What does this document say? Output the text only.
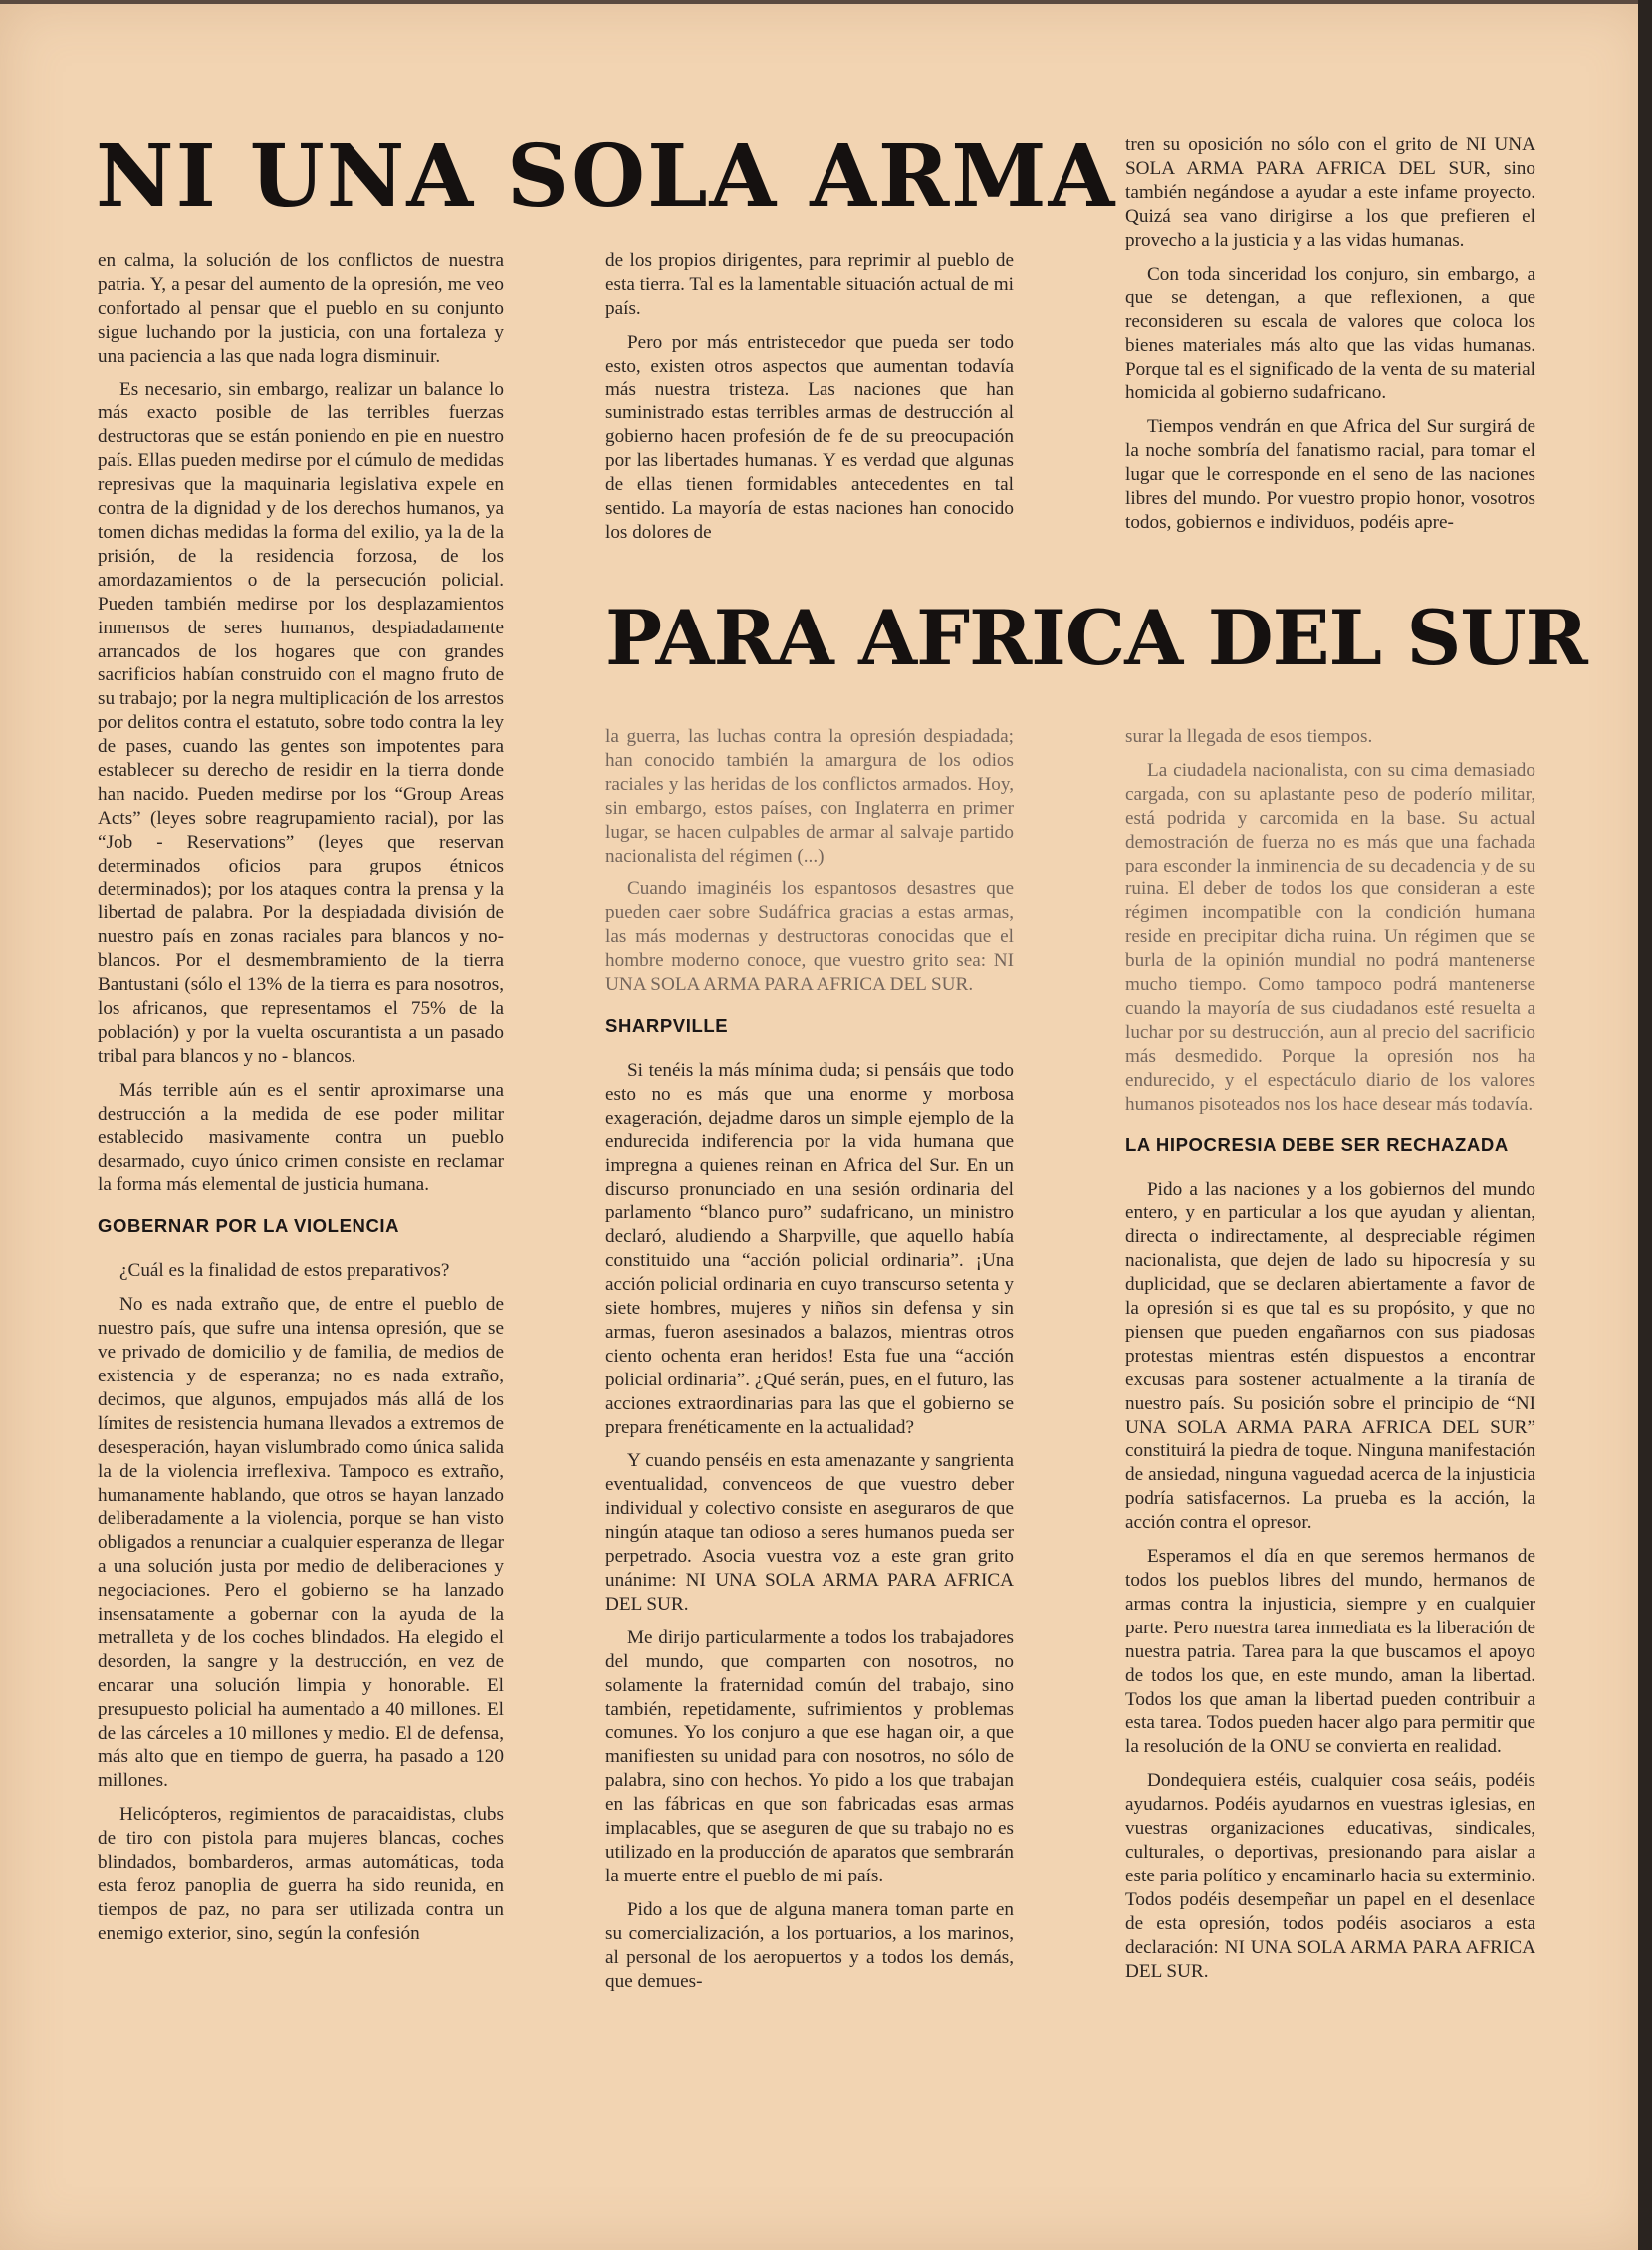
NI UNA SOLA ARMA
PARA AFRICA DEL SUR

en calma, la solución de los conflictos de nuestra patria. Y, a pesar del aumento de la opresión, me veo confortado al pensar que el pueblo en su conjunto sigue luchando por la justicia, con una fortaleza y una paciencia a las que nada logra disminuir.

Es necesario, sin embargo, realizar un balance lo más exacto posible de las terribles fuerzas destructoras que se están poniendo en pie en nuestro país. Ellas pueden medirse por el cúmulo de medidas represivas que la maquinaria legislativa expele en contra de la dignidad y de los derechos humanos, ya tomen dichas medidas la forma del exilio, ya la de la prisión, de la residencia forzosa, de los amordazamientos o de la persecución policial. Pueden también medirse por los desplazamientos inmensos de seres humanos, despiadadamente arrancados de los hogares que con grandes sacrificios habían construido con el magno fruto de su trabajo; por la negra multiplicación de los arrestos por delitos contra el estatuto, sobre todo contra la ley de pases, cuando las gentes son impotentes para establecer su derecho de residir en la tierra donde han nacido. Pueden medirse por los “Group Areas Acts” (leyes sobre reagrupamiento racial), por las “Job - Reservations” (leyes que reservan determinados oficios para grupos étnicos determinados); por los ataques contra la prensa y la libertad de palabra. Por la despiadada división de nuestro país en zonas raciales para blancos y no-blancos. Por el desmembramiento de la tierra Bantustani (sólo el 13% de la tierra es para nosotros, los africanos, que representamos el 75% de la población) y por la vuelta oscurantista a un pasado tribal para blancos y no - blancos.

Más terrible aún es el sentir aproximarse una destrucción a la medida de ese poder militar establecido masivamente contra un pueblo desarmado, cuyo único crimen consiste en reclamar la forma más elemental de justicia humana.

GOBERNAR POR LA VIOLENCIA

¿Cuál es la finalidad de estos preparativos?

No es nada extraño que, de entre el pueblo de nuestro país, que sufre una intensa opresión, que se ve privado de domicilio y de familia, de medios de existencia y de esperanza; no es nada extraño, decimos, que algunos, empujados más allá de los límites de resistencia humana llevados a extremos de desesperación, hayan vislumbrado como única salida la de la violencia irreflexiva. Tampoco es extraño, humanamente hablando, que otros se hayan lanzado deliberadamente a la violencia, porque se han visto obligados a renunciar a cualquier esperanza de llegar a una solución justa por medio de deliberaciones y negociaciones. Pero el gobierno se ha lanzado insensatamente a gobernar con la ayuda de la metralleta y de los coches blindados. Ha elegido el desorden, la sangre y la destrucción, en vez de encarar una solución limpia y honorable. El presupuesto policial ha aumentado a 40 millones. El de las cárceles a 10 millones y medio. El de defensa, más alto que en tiempo de guerra, ha pasado a 120 millones.

Helicópteros, regimientos de paracaidistas, clubs de tiro con pistola para mujeres blancas, coches blindados, bombarderos, armas automáticas, toda esta feroz panoplia de guerra ha sido reunida, en tiempos de paz, no para ser utilizada contra un enemigo exterior, sino, según la confesión

de los propios dirigentes, para reprimir al pueblo de esta tierra. Tal es la lamentable situación actual de mi país.

Pero por más entristecedor que pueda ser todo esto, existen otros aspectos que aumentan todavía más nuestra tristeza. Las naciones que han suministrado estas terribles armas de destrucción al gobierno hacen profesión de fe de su preocupación por las libertades humanas. Y es verdad que algunas de ellas tienen formidables antecedentes en tal sentido. La mayoría de estas naciones han conocido los dolores de

tren su oposición no sólo con el grito de NI UNA SOLA ARMA PARA AFRICA DEL SUR, sino también negándose a ayudar a este infame proyecto. Quizá sea vano dirigirse a los que prefieren el provecho a la justicia y a las vidas humanas.

Con toda sinceridad los conjuro, sin embargo, a que se detengan, a que reflexionen, a que reconsideren su escala de valores que coloca los bienes materiales más alto que las vidas humanas. Porque tal es el significado de la venta de su material homicida al gobierno sudafricano.

Tiempos vendrán en que Africa del Sur surgirá de la noche sombría del fanatismo racial, para tomar el lugar que le corresponde en el seno de las naciones libres del mundo. Por vuestro propio honor, vosotros todos, gobiernos e individuos, podéis apre-

la guerra, las luchas contra la opresión despiadada; han conocido también la amargura de los odios raciales y las heridas de los conflictos armados. Hoy, sin embargo, estos países, con Inglaterra en primer lugar, se hacen culpables de armar al salvaje partido nacionalista del régimen (...)

Cuando imaginéis los espantosos desastres que pueden caer sobre Sudáfrica gracias a estas armas, las más modernas y destructoras conocidas que el hombre moderno conoce, que vuestro grito sea: NI UNA SOLA ARMA PARA AFRICA DEL SUR.

SHARPVILLE

Si tenéis la más mínima duda; si pensáis que todo esto no es más que una enorme y morbosa exageración, dejadme daros un simple ejemplo de la endurecida indiferencia por la vida humana que impregna a quienes reinan en Africa del Sur. En un discurso pronunciado en una sesión ordinaria del parlamento “blanco puro” sudafricano, un ministro declaró, aludiendo a Sharpville, que aquello había constituido una “acción policial ordinaria”. ¡Una acción policial ordinaria en cuyo transcurso setenta y siete hombres, mujeres y niños sin defensa y sin armas, fueron asesinados a balazos, mientras otros ciento ochenta eran heridos! Esta fue una “acción policial ordinaria”. ¿Qué serán, pues, en el futuro, las acciones extraordinarias para las que el gobierno se prepara frenéticamente en la actualidad?

Y cuando penséis en esta amenazante y sangrienta eventualidad, convenceos de que vuestro deber individual y colectivo consiste en aseguraros de que ningún ataque tan odioso a seres humanos pueda ser perpetrado. Asocia vuestra voz a este gran grito unánime: NI UNA SOLA ARMA PARA AFRICA DEL SUR.

Me dirijo particularmente a todos los trabajadores del mundo, que comparten con nosotros, no solamente la fraternidad común del trabajo, sino también, repetidamente, sufrimientos y problemas comunes. Yo los conjuro a que ese hagan oir, a que manifiesten su unidad para con nosotros, no sólo de palabra, sino con hechos. Yo pido a los que trabajan en las fábricas en que son fabricadas esas armas implacables, que se aseguren de que su trabajo no es utilizado en la producción de aparatos que sembrarán la muerte entre el pueblo de mi país.

Pido a los que de alguna manera toman parte en su comercialización, a los portuarios, a los marinos, al personal de los aeropuertos y a todos los demás, que demues-

surar la llegada de esos tiempos.

La ciudadela nacionalista, con su cima demasiado cargada, con su aplastante peso de poderío militar, está podrida y carcomida en la base. Su actual demostración de fuerza no es más que una fachada para esconder la inminencia de su decadencia y de su ruina. El deber de todos los que consideran a este régimen incompatible con la condición humana reside en precipitar dicha ruina. Un régimen que se burla de la opinión mundial no podrá mantenerse mucho tiempo. Como tampoco podrá mantenerse cuando la mayoría de sus ciudadanos esté resuelta a luchar por su destrucción, aun al precio del sacrificio más desmedido. Porque la opresión nos ha endurecido, y el espectáculo diario de los valores humanos pisoteados nos los hace desear más todavía.

LA HIPOCRESIA DEBE SER RECHAZADA

Pido a las naciones y a los gobiernos del mundo entero, y en particular a los que ayudan y alientan, directa o indirectamente, al despreciable régimen nacionalista, que dejen de lado su hipocresía y su duplicidad, que se declaren abiertamente a favor de la opresión si es que tal es su propósito, y que no piensen que pueden engañarnos con sus piadosas protestas mientras estén dispuestos a encontrar excusas para sostener actualmente a la tiranía de nuestro país. Su posición sobre el principio de “NI UNA SOLA ARMA PARA AFRICA DEL SUR” constituirá la piedra de toque. Ninguna manifestación de ansiedad, ninguna vaguedad acerca de la injusticia podría satisfacernos. La prueba es la acción, la acción contra el opresor.

Esperamos el día en que seremos hermanos de todos los pueblos libres del mundo, hermanos de armas contra la injusticia, siempre y en cualquier parte. Pero nuestra tarea inmediata es la liberación de nuestra patria. Tarea para la que buscamos el apoyo de todos los que, en este mundo, aman la libertad. Todos los que aman la libertad pueden contribuir a esta tarea. Todos pueden hacer algo para permitir que la resolución de la ONU se convierta en realidad.

Dondequiera estéis, cualquier cosa seáis, podéis ayudarnos. Podéis ayudarnos en vuestras iglesias, en vuestras organizaciones educativas, sindicales, culturales, o deportivas, presionando para aislar a este paria político y encaminarlo hacia su exterminio. Todos podéis desempeñar un papel en el desenlace de esta opresión, todos podéis asociaros a esta declaración: NI UNA SOLA ARMA PARA AFRICA DEL SUR.
